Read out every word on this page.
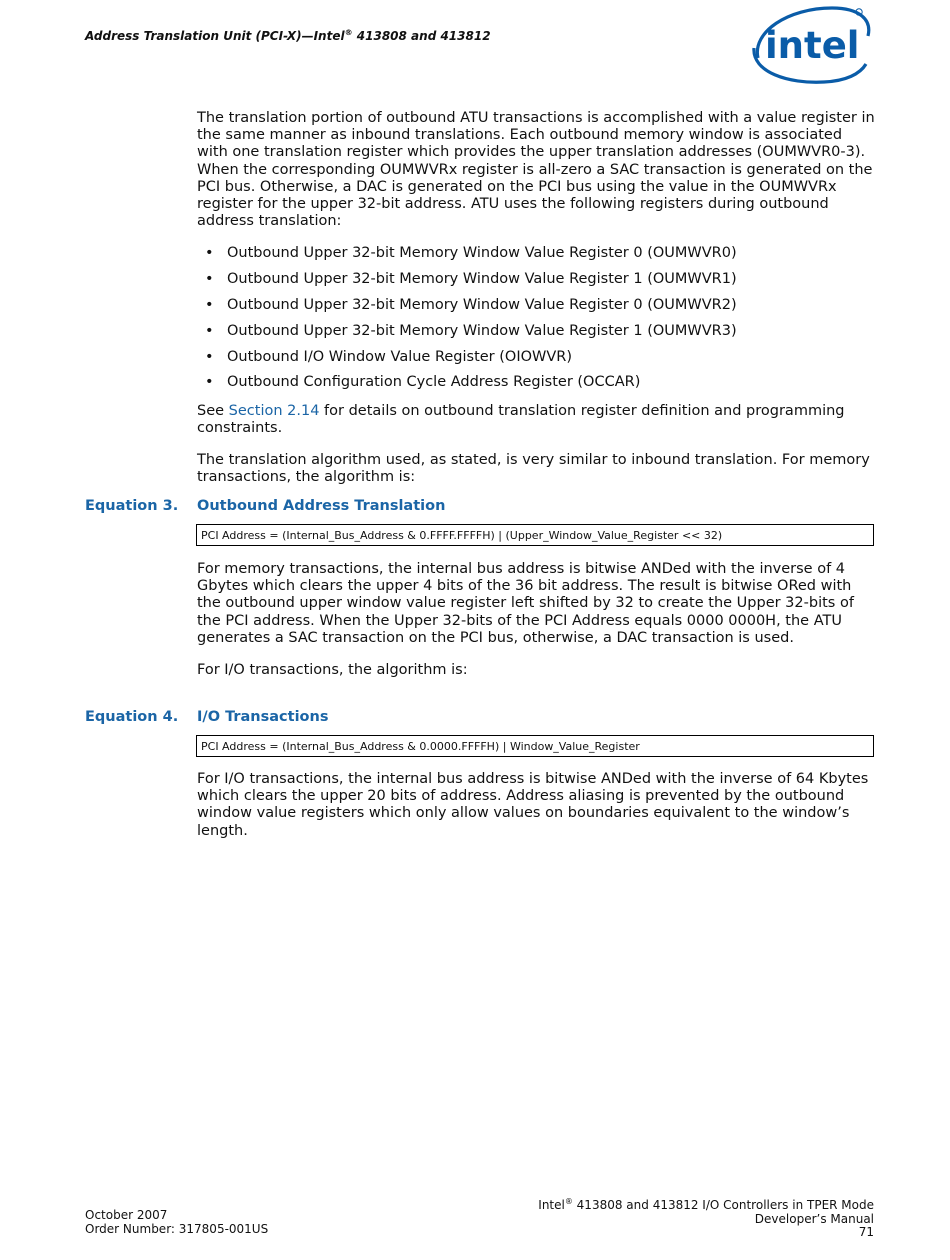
Address Translation Unit (PCI-X)—Intel® 413808 and 413812	intel

The translation portion of outbound ATU transactions is accomplished with a value register in the same manner as inbound translations. Each outbound memory window is associated with one translation register which provides the upper translation addresses (OUMWVR0-3). When the corresponding OUMWVRx register is all-zero a SAC transaction is generated on the PCI bus. Otherwise, a DAC is generated on the PCI bus using the value in the OUMWVRx register for the upper 32-bit address. ATU uses the following registers during outbound address translation:

• Outbound Upper 32-bit Memory Window Value Register 0 (OUMWVR0)
• Outbound Upper 32-bit Memory Window Value Register 1 (OUMWVR1)
• Outbound Upper 32-bit Memory Window Value Register 0 (OUMWVR2)
• Outbound Upper 32-bit Memory Window Value Register 1 (OUMWVR3)
• Outbound I/O Window Value Register (OIOWVR)
• Outbound Configuration Cycle Address Register (OCCAR)

See Section 2.14 for details on outbound translation register definition and programming constraints.

The translation algorithm used, as stated, is very similar to inbound translation. For memory transactions, the algorithm is:

Equation 3. Outbound Address Translation
PCI Address = (Internal_Bus_Address & 0.FFFF.FFFFH) | (Upper_Window_Value_Register << 32)

For memory transactions, the internal bus address is bitwise ANDed with the inverse of 4 Gbytes which clears the upper 4 bits of the 36 bit address. The result is bitwise ORed with the outbound upper window value register left shifted by 32 to create the Upper 32-bits of the PCI address. When the Upper 32-bits of the PCI Address equals 0000 0000H, the ATU generates a SAC transaction on the PCI bus, otherwise, a DAC transaction is used.

For I/O transactions, the algorithm is:

Equation 4. I/O Transactions
PCI Address = (Internal_Bus_Address & 0.0000.FFFFH) | Window_Value_Register

For I/O transactions, the internal bus address is bitwise ANDed with the inverse of 64 Kbytes which clears the upper 20 bits of address. Address aliasing is prevented by the outbound window value registers which only allow values on boundaries equivalent to the window’s length.

October 2007
Order Number: 317805-001US
Intel® 413808 and 413812 I/O Controllers in TPER Mode
Developer’s Manual
71
